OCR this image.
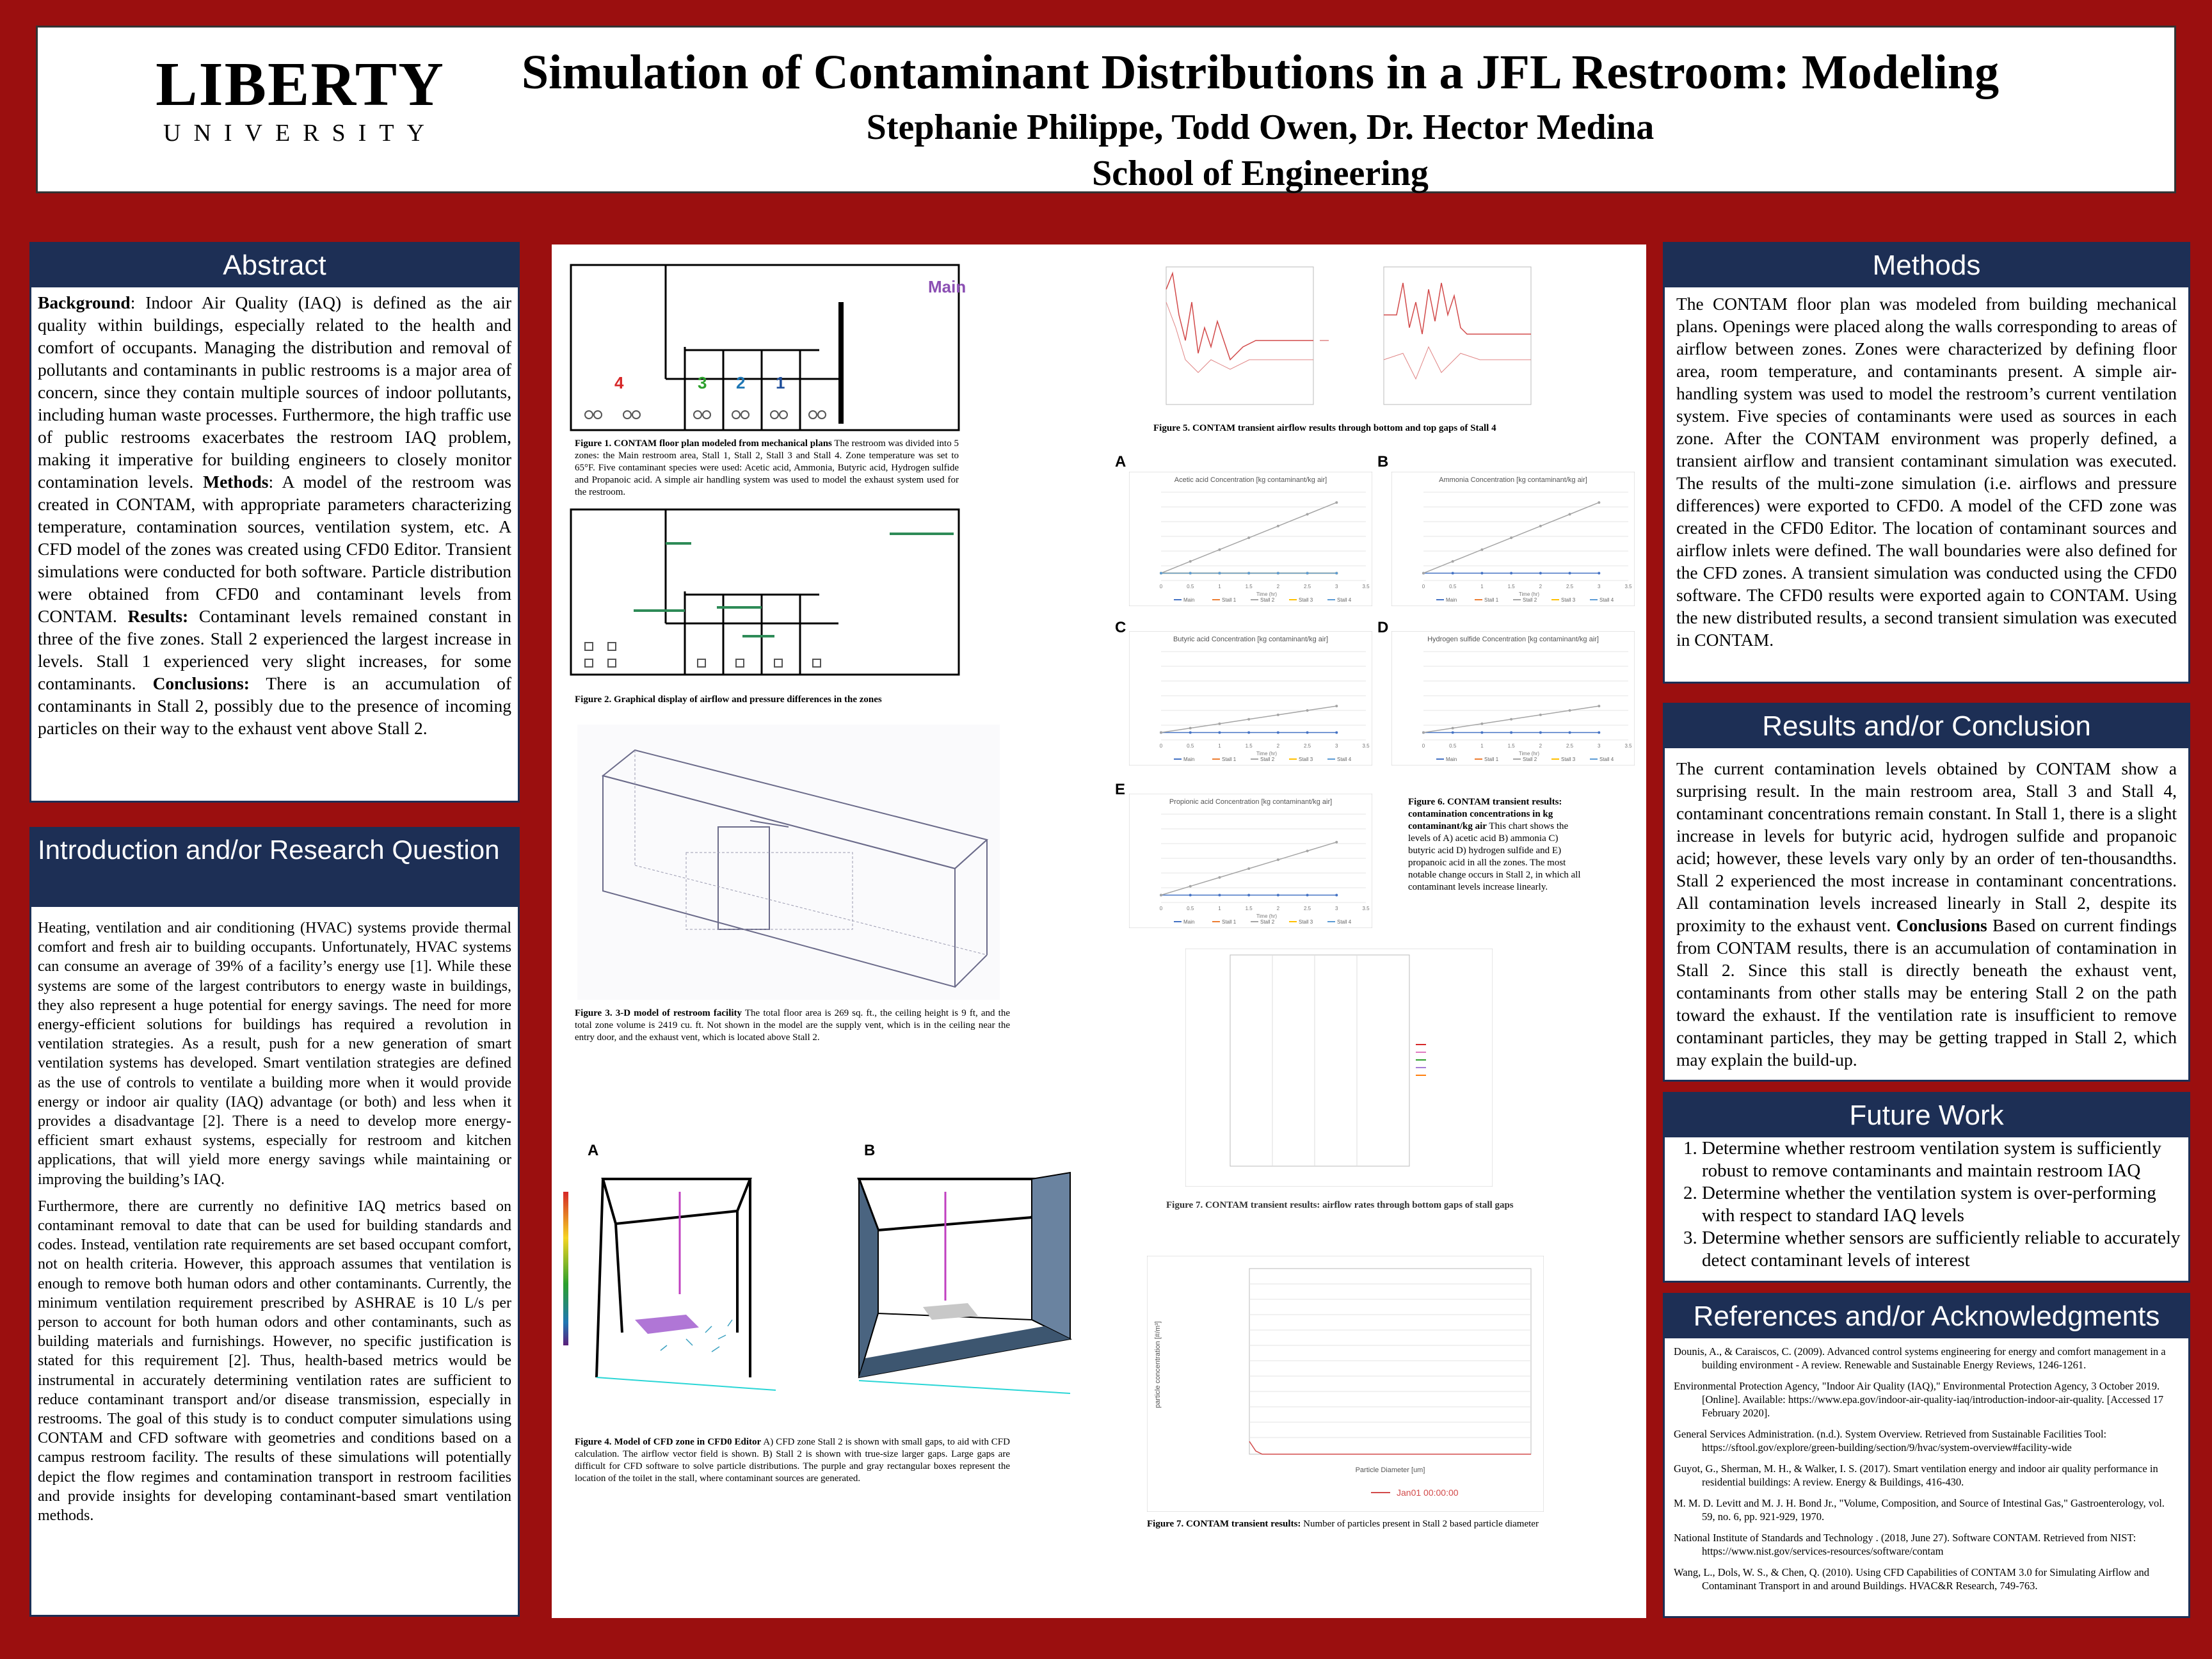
LIBERTY
UNIVERSITY
Simulation of Contaminant Distributions in a JFL Restroom: Modeling
Stephanie Philippe, Todd Owen, Dr. Hector Medina
School of Engineering
Abstract
Background: Indoor Air Quality (IAQ) is defined as the air quality within buildings, especially related to the health and comfort of occupants. Managing the distribution and removal of pollutants and contaminants in public restrooms is a major area of concern, since they contain multiple sources of indoor pollutants, including human waste processes. Furthermore, the high traffic use of public restrooms exacerbates the restroom IAQ problem, making it imperative for building engineers to closely monitor contamination levels. Methods: A model of the restroom was created in CONTAM, with appropriate parameters characterizing temperature, contamination sources, ventilation system, etc. A CFD model of the zones was created using CFD0 Editor. Transient simulations were conducted for both software. Particle distribution were obtained from CFD0 and contaminant levels from CONTAM. Results: Contaminant levels remained constant in three of the five zones. Stall 2 experienced the largest increase in levels. Stall 1 experienced very slight increases, for some contaminants. Conclusions: There is an accumulation of contaminants in Stall 2, possibly due to the presence of incoming particles on their way to the exhaust vent above Stall 2.
Introduction and/or Research Question

Heating, ventilation and air conditioning (HVAC) systems provide thermal comfort and fresh air to building occupants. Unfortunately, HVAC systems can consume an average of 39% of a facility’s energy use [1]. While these systems are some of the largest contributors to energy waste in buildings, they also represent a huge potential for energy savings. The need for more energy-efficient solutions for buildings has required a revolution in ventilation strategies. As a result, push for a new generation of smart ventilation systems has developed. Smart ventilation strategies are defined as the use of controls to ventilate a building more when it would provide energy or indoor air quality (IAQ) advantage (or both) and less when it provides a disadvantage [2]. There is a need to develop more energy-efficient smart exhaust systems, especially for restroom and kitchen applications, that will yield more energy savings while maintaining or improving the building’s IAQ.

Furthermore, there are currently no definitive IAQ metrics based on contaminant removal to date that can be used for building standards and codes. Instead, ventilation rate requirements are set based occupant comfort, not on health criteria. However, this approach assumes that ventilation is enough to remove both human odors and other contaminants. Currently, the minimum ventilation requirement prescribed by ASHRAE is 10 L/s per person to account for both human odors and other contaminants, such as building materials and furnishings. However, no specific justification is stated for this requirement [2]. Thus, health-based metrics would be instrumental in accurately determining ventilation rates are sufficient to reduce contaminant transport and/or disease transmission, especially in restrooms. The goal of this study is to conduct computer simulations using CONTAM and CFD software with geometries and conditions based on a campus restroom facility. The results of these simulations will potentially depict the flow regimes and contamination transport in restroom facilities and provide insights for developing contaminant-based smart ventilation methods.

Main
4	3 2 1
Figure 1. CONTAM floor plan modeled from mechanical plans The restroom was divided into 5 zones: the Main restroom area, Stall 1, Stall 2, Stall 3 and Stall 4. Zone temperature was set to 65°F. Five contaminant species were used: Acetic acid, Ammonia, Butyric acid, Hydrogen sulfide and Propanoic acid. A simple air handling system was used to model the exhaust system used for the restroom.
Figure 2. Graphical display of airflow and pressure differences in the zones
Figure 3. 3-D model of restroom facility The total floor area is 269 sq. ft., the ceiling height is 9 ft, and the total zone volume is 2419 cu. ft. Not shown in the model are the supply vent, which is in the ceiling near the entry door, and the exhaust vent, which is located above Stall 2.
A	B
Figure 4. Model of CFD zone in CFD0 Editor A) CFD zone Stall 2 is shown with small gaps, to aid with CFD calculation. The airflow vector field is shown. B) Stall 2 is shown with true-size larger gaps. Large gaps are difficult for CFD software to solve particle distributions. The purple and gray rectangular boxes represent the location of the toilet in the stall, where contaminant sources are generated.
Figure 5. CONTAM transient airflow results through bottom and top gaps of Stall 4
A	B
C	D
E
Acetic acid Concentration [kg contaminant/kg air]
0	0.5	1	1.5	2	2.5	3	3.5
Time (hr)
Main	Stall 1	Stall 2	Stall 3	Stall 4
Ammonia Concentration [kg contaminant/kg air]
0	0.5	1	1.5	2	2.5	3	3.5
Time (hr)
Main	Stall 1	Stall 2	Stall 3	Stall 4
Butyric acid Concentration [kg contaminant/kg air]
0	0.5	1	1.5	2	2.5	3	3.5
Time (hr)
Main	Stall 1	Stall 2	Stall 3	Stall 4
Hydrogen sulfide Concentration [kg contaminant/kg air]
0	0.5	1	1.5	2	2.5	3	3.5
Time (hr)
Main	Stall 1	Stall 2	Stall 3	Stall 4
Propionic acid Concentration [kg contaminant/kg air]
0	0.5	1	1.5	2	2.5	3	3.5
Time (hr)
Main	Stall 1	Stall 2	Stall 3	Stall 4
Figure 6. CONTAM transient results: contamination concentrations in kg contaminant/kg air This chart shows the levels of A) acetic acid B) ammonia C) butyric acid D) hydrogen sulfide and E) propanoic acid in all the zones. The most notable change occurs in Stall 2, in which all contaminant levels increase linearly.
Figure 7. CONTAM transient results: airflow rates through bottom gaps of stall gaps
Particle Diameter [um]
particle concentration [#/m³]
Jan01 00:00:00
Figure 7. CONTAM transient results: Number of particles present in Stall 2 based particle diameter
Methods
The CONTAM floor plan was modeled from building mechanical plans. Openings were placed along the walls corresponding to areas of airflow between zones. Zones were characterized by defining floor area, room temperature, and contaminants present. A simple air-handling system was used to model the restroom’s current ventilation system. Five species of contaminants were used as sources in each zone. After the CONTAM environment was properly defined, a transient airflow and transient contaminant simulation was executed. The results of the multi-zone simulation (i.e. airflows and pressure differences) were exported to CFD0. A model of the CFD zone was created in the CFD0 Editor. The location of contaminant sources and airflow inlets were defined. The wall boundaries were also defined for the CFD zones. A transient simulation was conducted using the CFD0 software. The CFD0 results were exported again to CONTAM. Using the new distributed results, a second transient simulation was executed in CONTAM.
Results and/or Conclusion
The current contamination levels obtained by CONTAM show a surprising result. In the main restroom area, Stall 3 and Stall 4, contaminant concentrations remain constant. In Stall 1, there is a slight increase in levels for butyric acid, hydrogen sulfide and propanoic acid; however, these levels vary only by an order of ten-thousandths. Stall 2 experienced the most increase in contaminant concentrations. All contamination levels increased linearly in Stall 2, despite its proximity to the exhaust vent. Conclusions Based on current findings from CONTAM results, there is an accumulation of contamination in Stall 2. Since this stall is directly beneath the exhaust vent, contaminants from other stalls may be entering Stall 2 on the path toward the exhaust. If the ventilation rate is insufficient to remove contaminant particles, they may be getting trapped in Stall 2, which may explain the build-up.
Future Work
1. Determine whether restroom ventilation system is sufficiently robust to remove contaminants and maintain restroom IAQ
2. Determine whether the ventilation system is over-performing with respect to standard IAQ levels
3. Determine whether sensors are sufficiently reliable to accurately detect contaminant levels of interest
References and/or Acknowledgments

Dounis, A., & Caraiscos, C. (2009). Advanced control systems engineering for energy and comfort management in a building environment - A review. Renewable and Sustainable Energy Reviews, 1246-1261.

Environmental Protection Agency, "Indoor Air Quality (IAQ)," Environmental Protection Agency, 3 October 2019. [Online]. Available: https://www.epa.gov/indoor-air-quality-iaq/introduction-indoor-air-quality. [Accessed 17 February 2020].

General Services Administration. (n.d.). System Overview. Retrieved from Sustainable Facilities Tool: https://sftool.gov/explore/green-building/section/9/hvac/system-overview#facility-wide

Guyot, G., Sherman, M. H., & Walker, I. S. (2017). Smart ventilation energy and indoor air quality performance in residential buildings: A review. Energy & Buildings, 416-430.

M. M. D. Levitt and M. J. H. Bond Jr., "Volume, Composition, and Source of Intestinal Gas," Gastroenterology, vol. 59, no. 6, pp. 921-929, 1970.

National Institute of Standards and Technology . (2018, June 27). Software CONTAM. Retrieved from NIST: https://www.nist.gov/services-resources/software/contam

Wang, L., Dols, W. S., & Chen, Q. (2010). Using CFD Capabilities of CONTAM 3.0 for Simulating Airflow and Contaminant Transport in and around Buildings. HVAC&R Research, 749-763.
